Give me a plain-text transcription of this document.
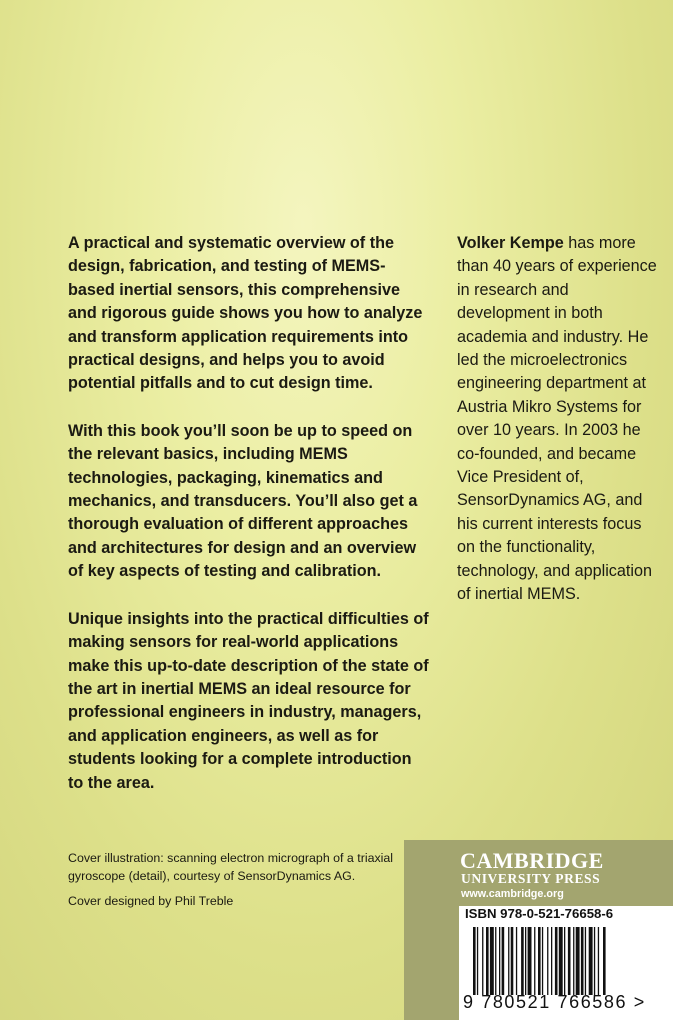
A practical and systematic overview of the design, fabrication, and testing of MEMS-based inertial sensors, this comprehensive and rigorous guide shows you how to analyze and transform application requirements into practical designs, and helps you to avoid potential pitfalls and to cut design time.

With this book you’ll soon be up to speed on the relevant basics, including MEMS technologies, packaging, kinematics and mechanics, and transducers. You’ll also get a thorough evaluation of different approaches and architectures for design and an overview of key aspects of testing and calibration.

Unique insights into the practical difficulties of making sensors for real-world applications make this up-to-date description of the state of the art in inertial MEMS an ideal resource for professional engineers in industry, managers, and application engineers, as well as for students looking for a complete introduction to the area.

Volker Kempe has more than 40 years of experience in research and development in both academia and industry. He led the microelectronics engineering department at Austria Mikro Systems for over 10 years. In 2003 he co-founded, and became Vice President of, SensorDynamics AG, and his current interests focus on the functionality, technology, and application of inertial MEMS.

Cover illustration: scanning electron micrograph of a triaxial gyroscope (detail), courtesy of SensorDynamics AG.

Cover designed by Phil Treble

CAMBRIDGE
UNIVERSITY PRESS
www.cambridge.org
ISBN 978-0-521-76658-6
9 780521 766586 >
